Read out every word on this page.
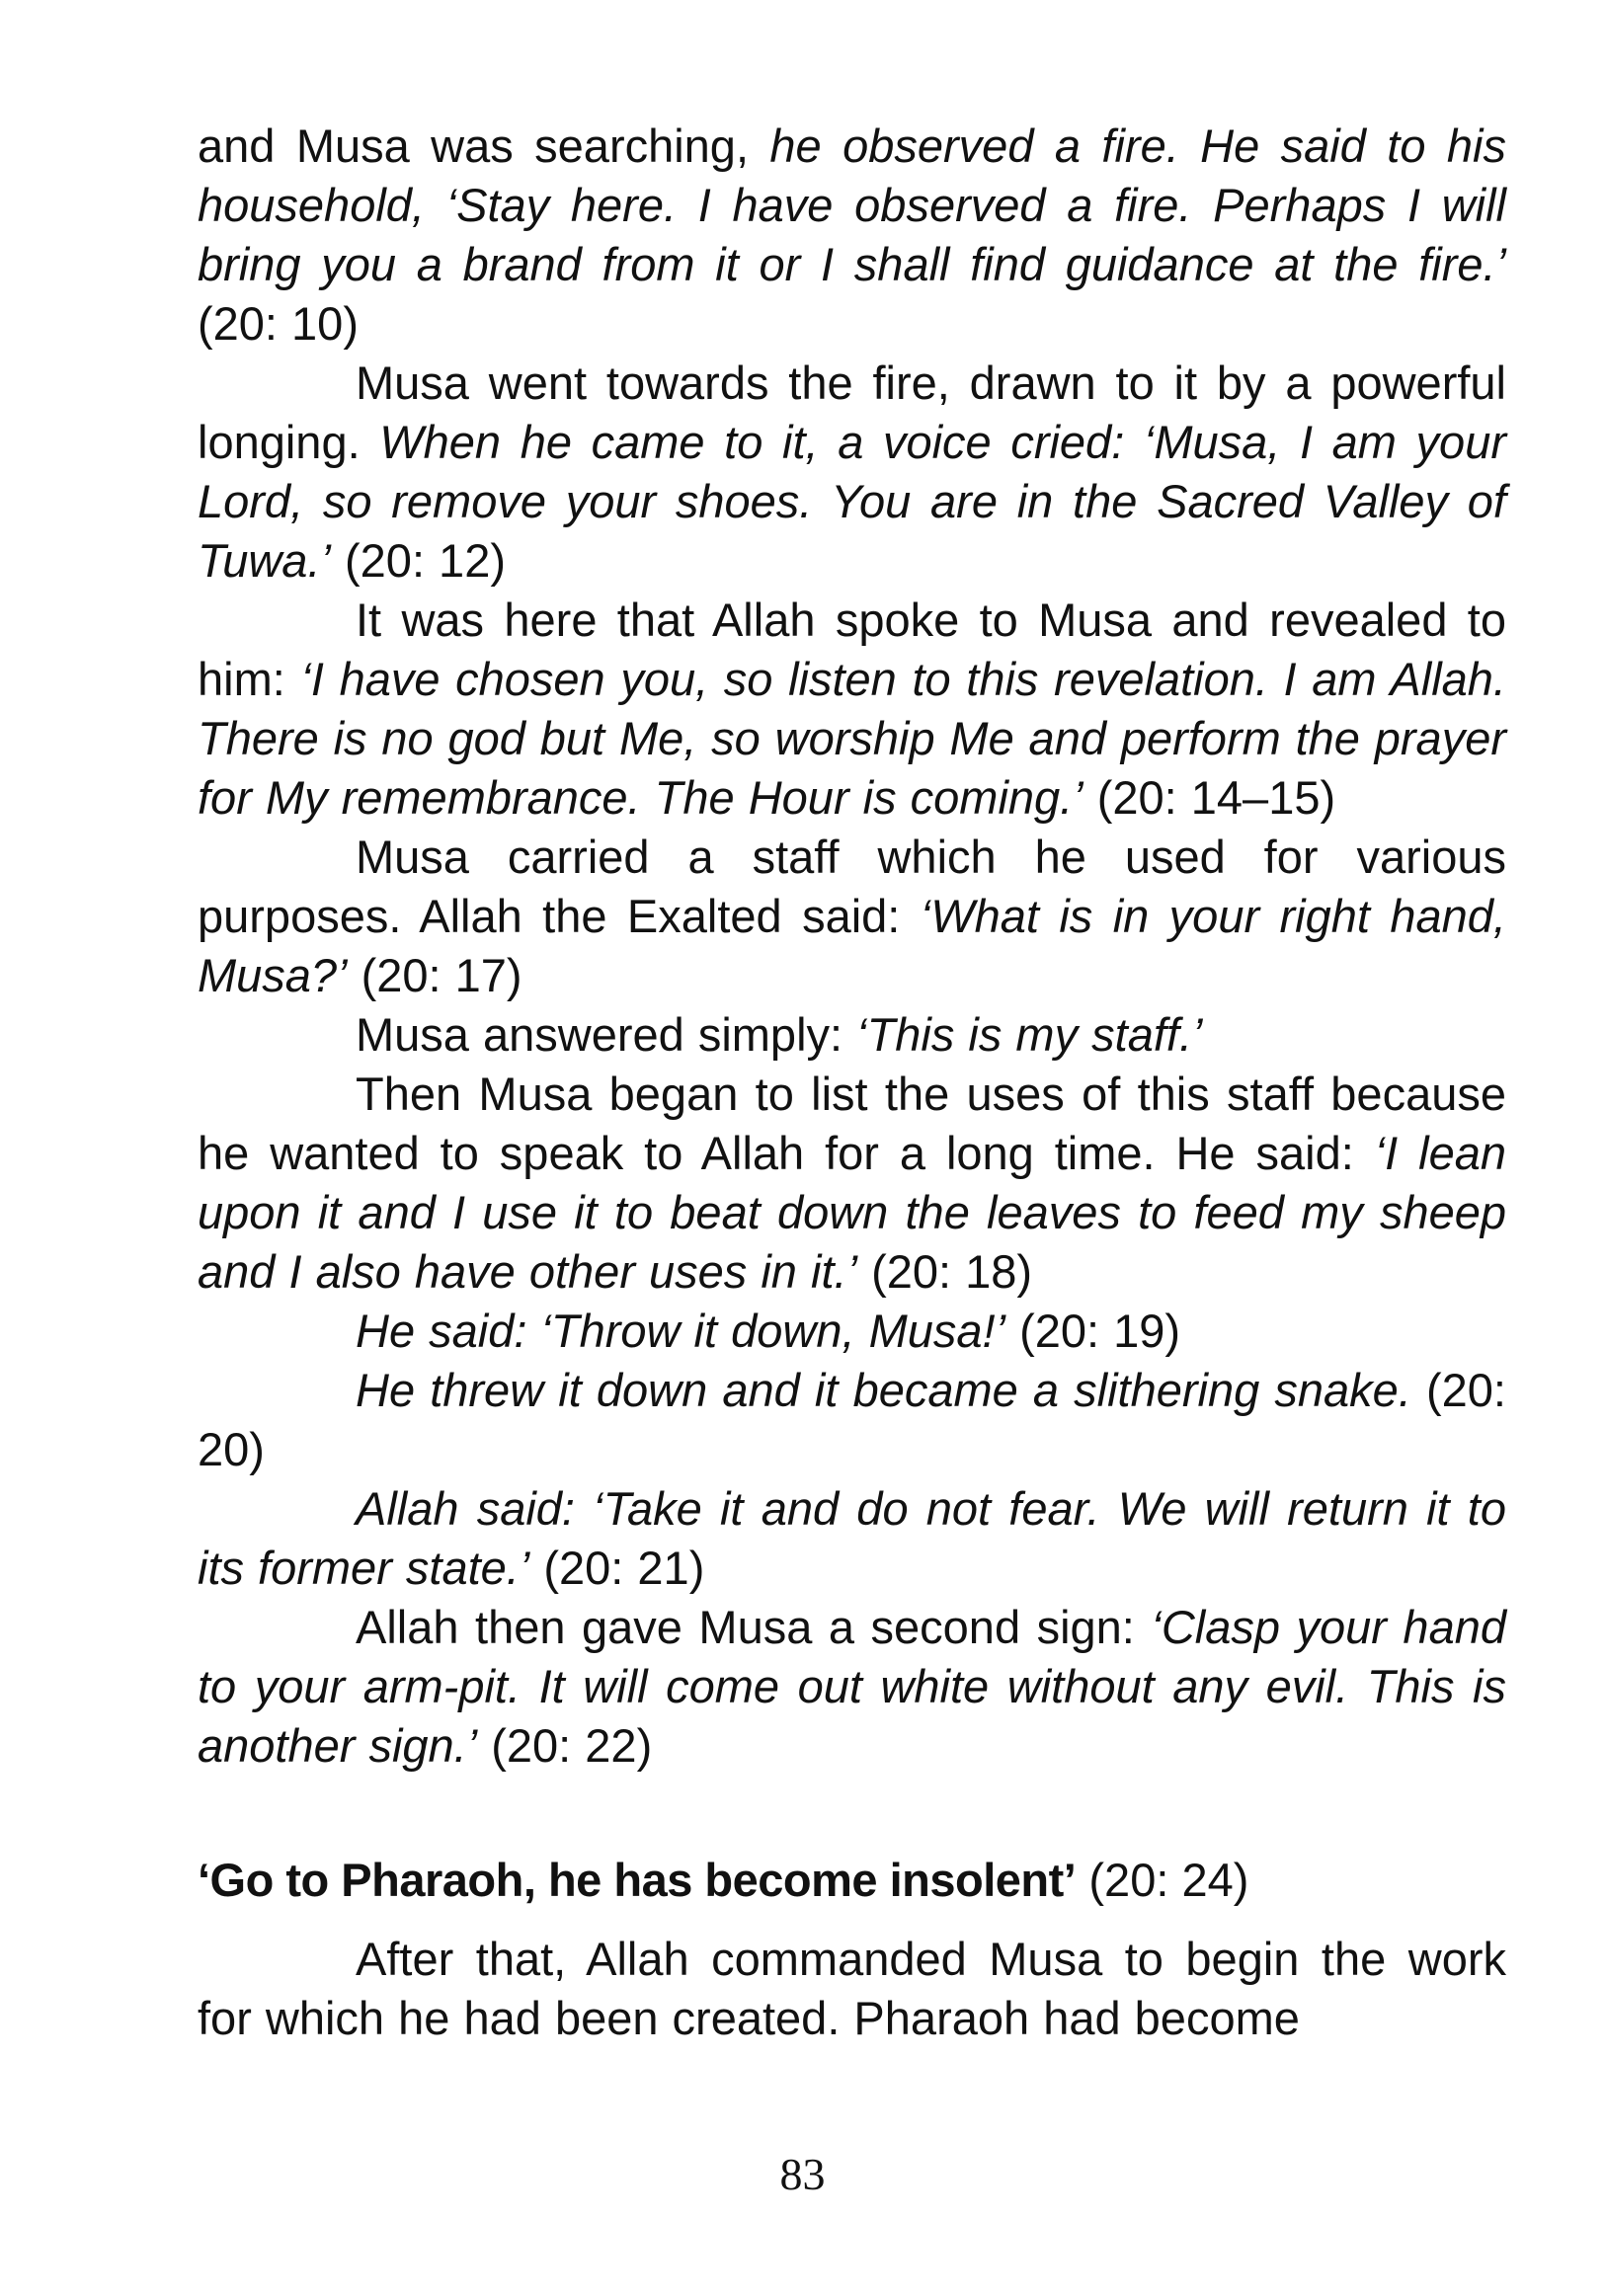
and Musa was searching, he observed a fire. He said to his household, ‘Stay here. I have observed a fire. Perhaps I will bring you a brand from it or I shall find guidance at the fire.’ (20: 10)

Musa went towards the fire, drawn to it by a powerful longing. When he came to it, a voice cried: ‘Musa, I am your Lord, so remove your shoes. You are in the Sacred Valley of Tuwa.’ (20: 12)

It was here that Allah spoke to Musa and revealed to him: ‘I have chosen you, so listen to this revelation. I am Allah. There is no god but Me, so worship Me and perform the prayer for My remembrance. The Hour is coming.’ (20: 14–15)

Musa carried a staff which he used for various purposes. Allah the Exalted said: ‘What is in your right hand, Musa?’ (20: 17)

Musa answered simply: ‘This is my staff.’

Then Musa began to list the uses of this staff because he wanted to speak to Allah for a long time. He said: ‘I lean upon it and I use it to beat down the leaves to feed my sheep and I also have other uses in it.’ (20: 18)

He said: ‘Throw it down, Musa!’ (20: 19)

He threw it down and it became a slithering snake. (20: 20)

Allah said: ‘Take it and do not fear. We will return it to its former state.’ (20: 21)

Allah then gave Musa a second sign: ‘Clasp your hand to your arm-pit. It will come out white without any evil. This is another sign.’ (20: 22)

‘Go to Pharaoh, he has become insolent’ (20: 24)

After that, Allah commanded Musa to begin the work for which he had been created. Pharaoh had become

83
